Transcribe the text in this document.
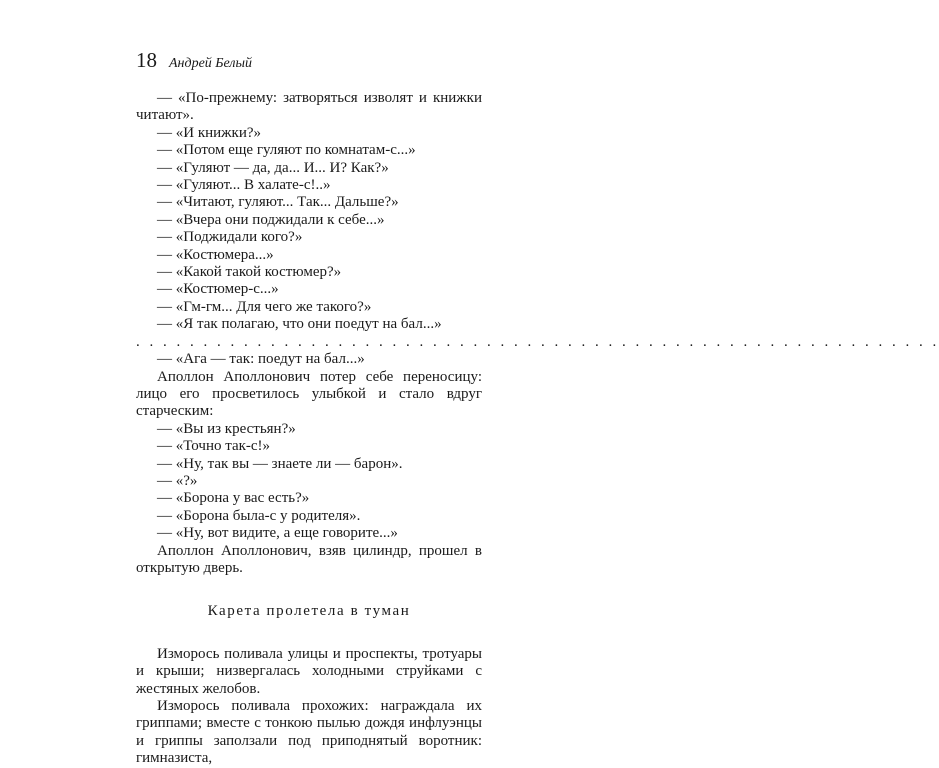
18 Андрей Белый

— «По-прежнему: затворяться изволят и книжки читают».

— «И книжки?»

— «Потом еще гуляют по комнатам-с...»

— «Гуляют — да, да... И... И? Как?»

— «Гуляют... В халате-с!..»

— «Читают, гуляют... Так... Дальше?»

— «Вчера они поджидали к себе...»

— «Поджидали кого?»

— «Костюмера...»

— «Какой такой костюмер?»

— «Костюмер-с...»

— «Гм-гм... Для чего же такого?»

— «Я так полагаю, что они поедут на бал...»

. . . . . . . . . . . . . . . . . . . . . . . . . . . . . . . . . . . . . . . . . . . . . . . . . . . . . . . . . . . .

— «Ага — так: поедут на бал...»

Аполлон Аполлонович потер себе переносицу: лицо его просветилось улыбкой и стало вдруг старческим:

— «Вы из крестьян?»

— «Точно так-с!»

— «Ну, так вы — знаете ли — барон».

— «?»

— «Борона у вас есть?»

— «Борона была-с у родителя».

— «Ну, вот видите, а еще говорите...»

Аполлон Аполлонович, взяв цилиндр, прошел в открытую дверь.

Карета пролетела в туман

Изморось поливала улицы и проспекты, тротуары и крыши; низвергалась холодными струйками с жестяных желобов.

Изморось поливала прохожих: награждала их гриппами; вместе с тонкою пылью дождя инфлуэнцы и гриппы заползали под приподнятый воротник: гимназиста,
